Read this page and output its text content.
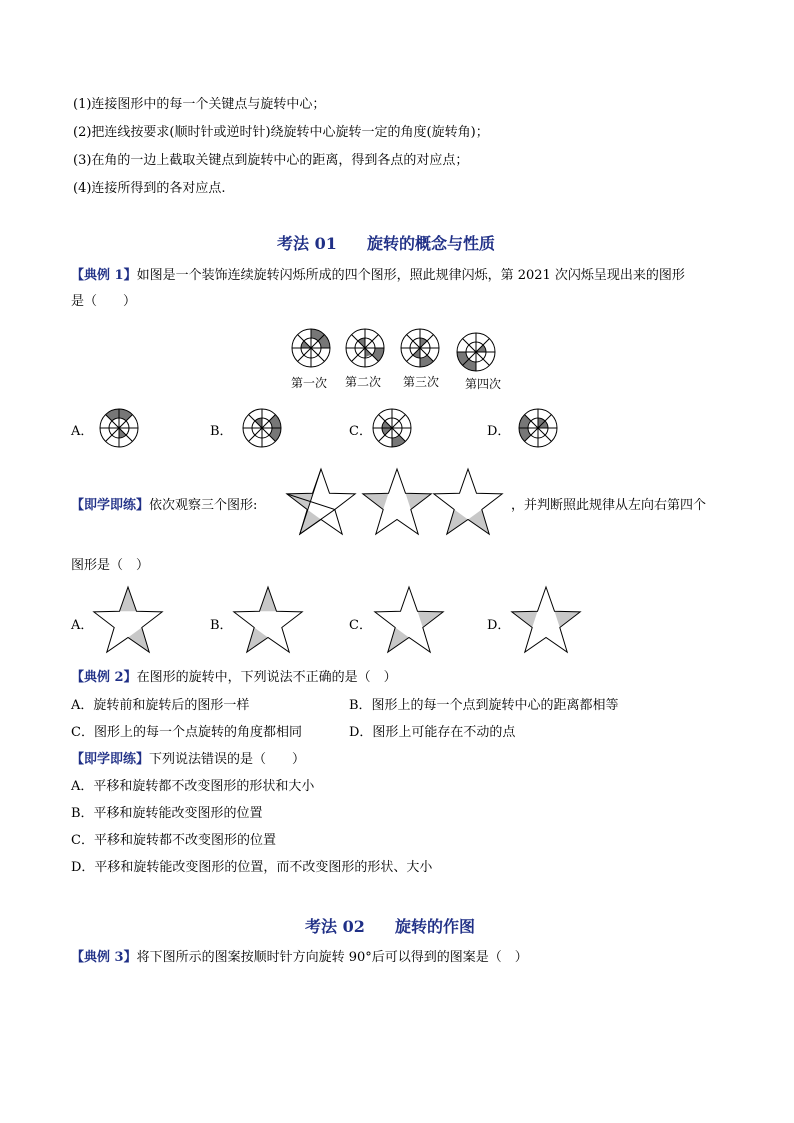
(1)连接图形中的每一个关键点与旋转中心；
(2)把连线按要求(顺时针或逆时针)绕旋转中心旋转一定的角度(旋转角)；
(3)在角的一边上截取关键点到旋转中心的距离，得到各点的对应点；
(4)连接所得到的各对应点.
考法 01 旋转的概念与性质
【典例 1】如图是一个装饰连续旋转闪烁所成的四个图形，照此规律闪烁，第 2021 次闪烁呈现出来的图形
是（　　）
第一次 第二次 第三次 第四次
A．	B．	C．	D．
【即学即练】依次观察三个图形:	，并判断照此规律从左向右第四个
图形是（　）
A．	B．	C．	D．
【典例 2】在图形的旋转中，下列说法不正确的是（　）
A．旋转前和旋转后的图形一样	B．图形上的每一个点到旋转中心的距离都相等
C．图形上的每一个点旋转的角度都相同	D．图形上可能存在不动的点
【即学即练】下列说法错误的是（　　）
A．平移和旋转都不改变图形的形状和大小
B．平移和旋转能改变图形的位置
C．平移和旋转都不改变图形的位置
D．平移和旋转能改变图形的位置，而不改变图形的形状、大小
考法 02 旋转的作图
【典例 3】将下图所示的图案按顺时针方向旋转 90°后可以得到的图案是（　）
